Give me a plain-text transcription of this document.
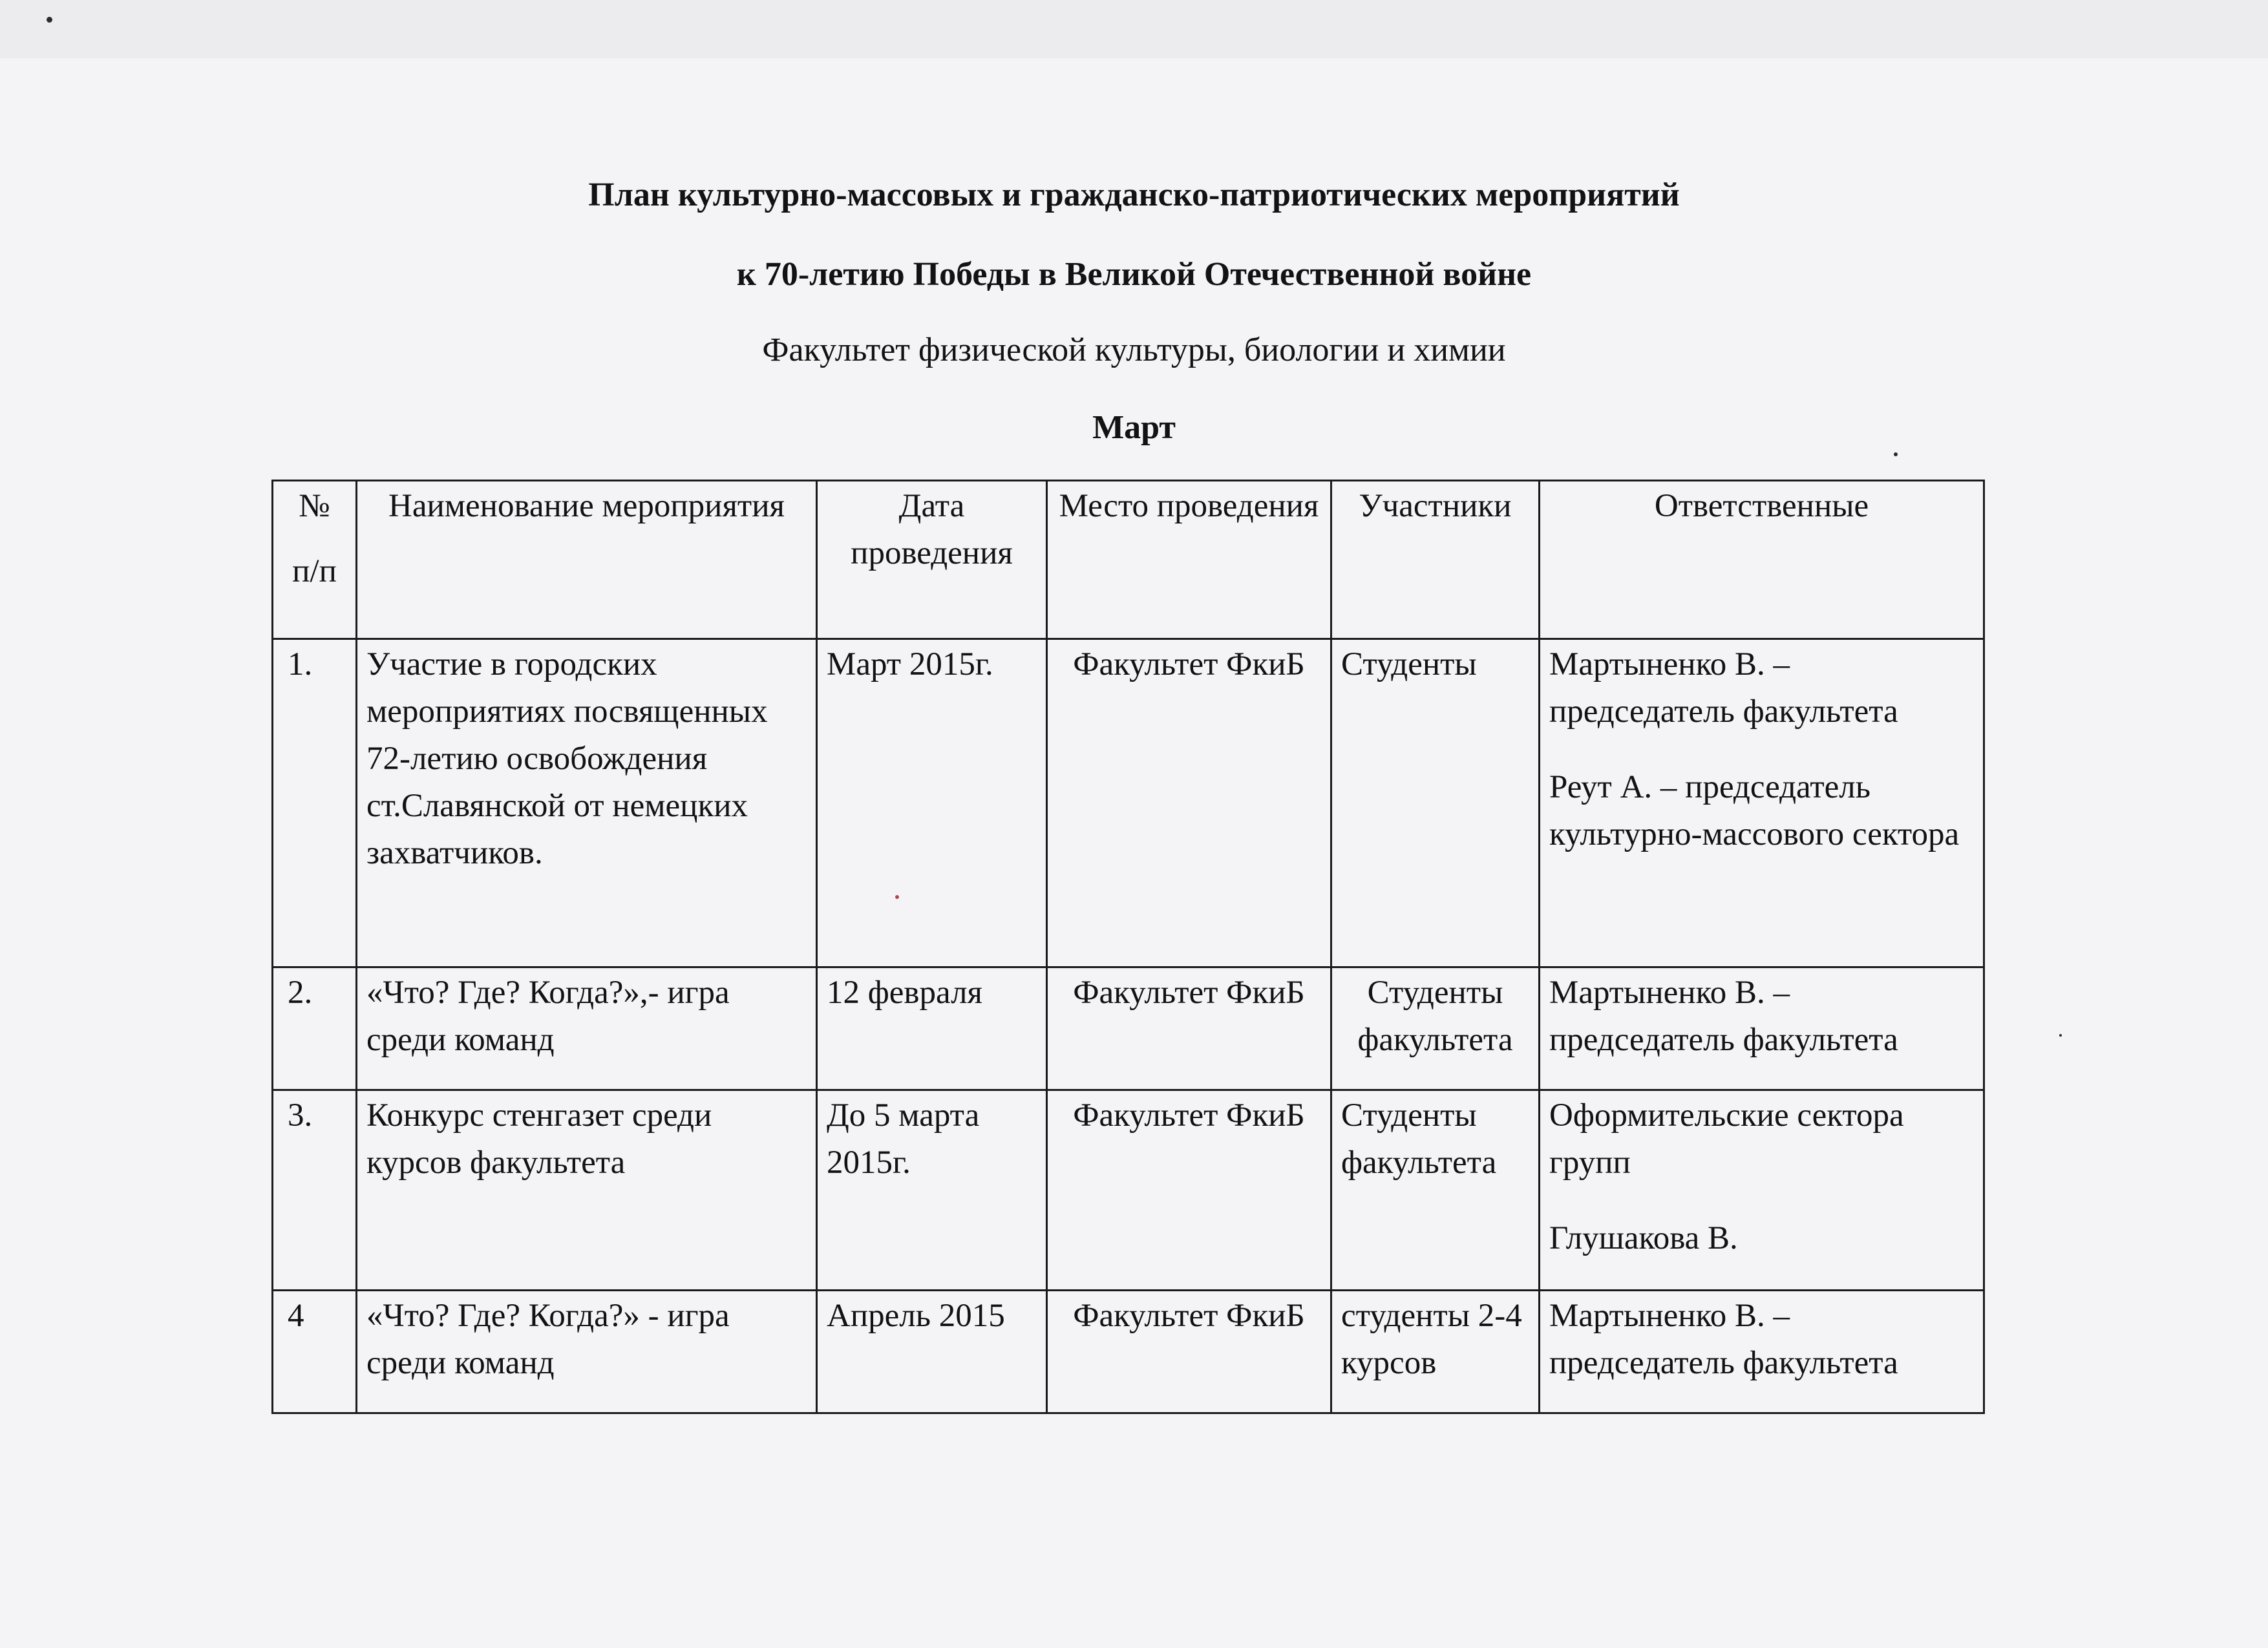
План культурно-массовых и гражданско-патриотических мероприятий
к 70-летию Победы в Великой Отечественной войне
Факультет физической культуры, биологии и химии
Март
№
п/п	Наименование мероприятия	Дата проведения	Место проведения	Участники	Ответственные
1.	Участие в городских мероприятиях посвященных 72-летию освобождения ст.Славянской от немецких захватчиков.	Март 2015г.	Факультет ФкиБ	Студенты	Мартыненко В. – председатель факультета
Реут А. – председатель культурно-массового сектора

2.	«Что? Где? Когда?»,- игра среди команд	12 февраля	Факультет ФкиБ	Студенты факультета	Мартыненко В. – председатель факультета

3.	Конкурс стенгазет среди курсов факультета	До 5 марта 2015г.	Факультет ФкиБ	Студенты факультета	Оформительские сектора групп
Глушакова В.

4	«Что? Где? Когда?» - игра среди команд	Апрель 2015	Факультет ФкиБ	студенты 2-4 курсов	Мартыненко В. – председатель факультета
